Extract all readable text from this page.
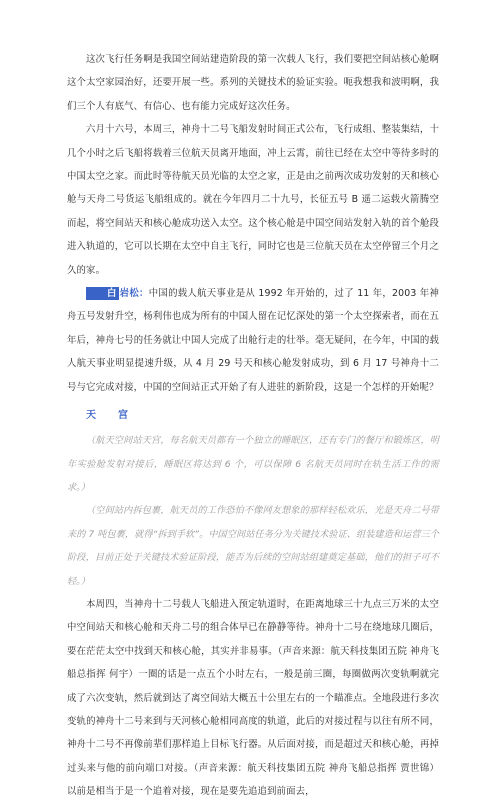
这次飞行任务啊是我国空间站建造阶段的第一次载人飞行，我们要把空间站核心舱啊这个太空家园治好，还要开展一些。系列的关键技术的验证实验。呃我想我和波明啊，我们三个人有底气、有信心、也有能力完成好这次任务。

六月十六号，本周三，神舟十二号飞船发射时间正式公布，飞行成组、整装集结，十几个小时之后飞船将载着三位航天员离开地面，冲上云霄，前往已经在太空中等待多时的中国太空之家。而此时等待航天员光临的太空之家，正是由之前两次成功发射的天和核心舱与天舟二号货运飞船组成的。就在今年四月二十九号，长征五号 B 遥二运载火箭腾空而起，将空间站天和核心舱成功送入太空。这个核心舱是中国空间站发射入轨的首个舱段进入轨道的，它可以长期在太空中自主飞行，同时它也是三位航天员在太空停留三个月之久的家。

白 岩松：中国的载人航天事业是从 1992 年开始的，过了 11 年，2003 年神舟五号发射升空，杨利伟也成为所有的中国人留在记忆深处的第一个太空探索者，而在五年后，神舟七号的任务就让中国人完成了出舱行走的壮举。毫无疑问，在今年，中国的载人航天事业明显提速升级，从 4 月 29 号天和核心舱发射成功，到 6 月 17 号神舟十二号与它完成对接，中国的空间站正式开始了有人进驻的新阶段，这是一个怎样的开始呢？

天宫

（航天空间站天宫，每名航天员都有一个独立的睡眠区，还有专门的餐厅和锻炼区，明年实验舱发射对接后，睡眠区将达到 6 个，可以保障 6 名航天员同时在轨生活工作的需求。）

（空间站内拆包裹，航天员的工作恐怕不像网友想象的那样轻松欢乐，光是天舟二号带来的 7 吨包裹，就得“拆到手软”。中国空间站任务分为关键技术验证、组装建造和运营三个阶段，目前正处于关键技术验证阶段，能否为后续的空间站组建奠定基础，他们的担子可不轻。）

本周四，当神舟十二号载人飞船进入预定轨道时，在距离地球三十九点三万米的太空中空间站天和核心舱和天舟二号的组合体早已在静静等待。神舟十二号在绕地球几圈后，要在茫茫太空中找到天和核心舱，其实并非易事。（声音来源：航天科技集团五院 神舟飞船总指挥 何宇）一圈的话是一点五个小时左右，一般是前三圈，每圈做两次变轨啊就完成了六次变轨，然后就到达了离空间站大概五十公里左右的一个瞄准点。全地段进行多次变轨的神舟十二号来到与天河核心舱相同高度的轨道，此后的对接过程与以往有所不同，神舟十二号不再像前辈们那样追上目标飞行器。从后面对接，而是超过天和核心舱，再掉过头来与他的前向端口对接。（声音来源：航天科技集团五院 神舟飞船总指挥 贾世锦）以前是相当于是一个追着对接，现在是要先追追到前面去，
